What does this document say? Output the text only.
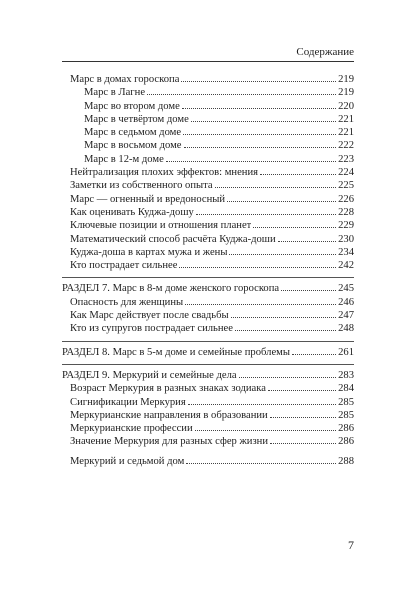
Содержание
Марс в домах гороскопа	219
Марс в Лагне	219
Марс во втором доме	220
Марс в четвёртом доме	221
Марс в седьмом доме	221
Марс в восьмом доме	222
Марс в 12-м доме	223
Нейтрализация плохих эффектов: мнения	224
Заметки из собственного опыта	225
Марс — огненный и вредоносный	226
Как оценивать Куджа-дошу	228
Ключевые позиции и отношения планет	229
Математический способ расчёта Куджа-доши	230
Куджа-доша в картах мужа и жены	234
Кто пострадает сильнее	242
РАЗДЕЛ 7. Марс в 8-м доме женского гороскопа	245
Опасность для женщины	246
Как Марс действует после свадьбы	247
Кто из супругов пострадает сильнее	248
РАЗДЕЛ 8. Марс в 5-м доме и семейные проблемы	261
РАЗДЕЛ 9. Меркурий и семейные дела	283
Возраст Меркурия в разных знаках зодиака	284
Сигнификации Меркурия	285
Меркурианские направления в образовании	285
Меркурианские профессии	286
Значение Меркурия для разных сфер жизни	286
Меркурий и седьмой дом	288
7
